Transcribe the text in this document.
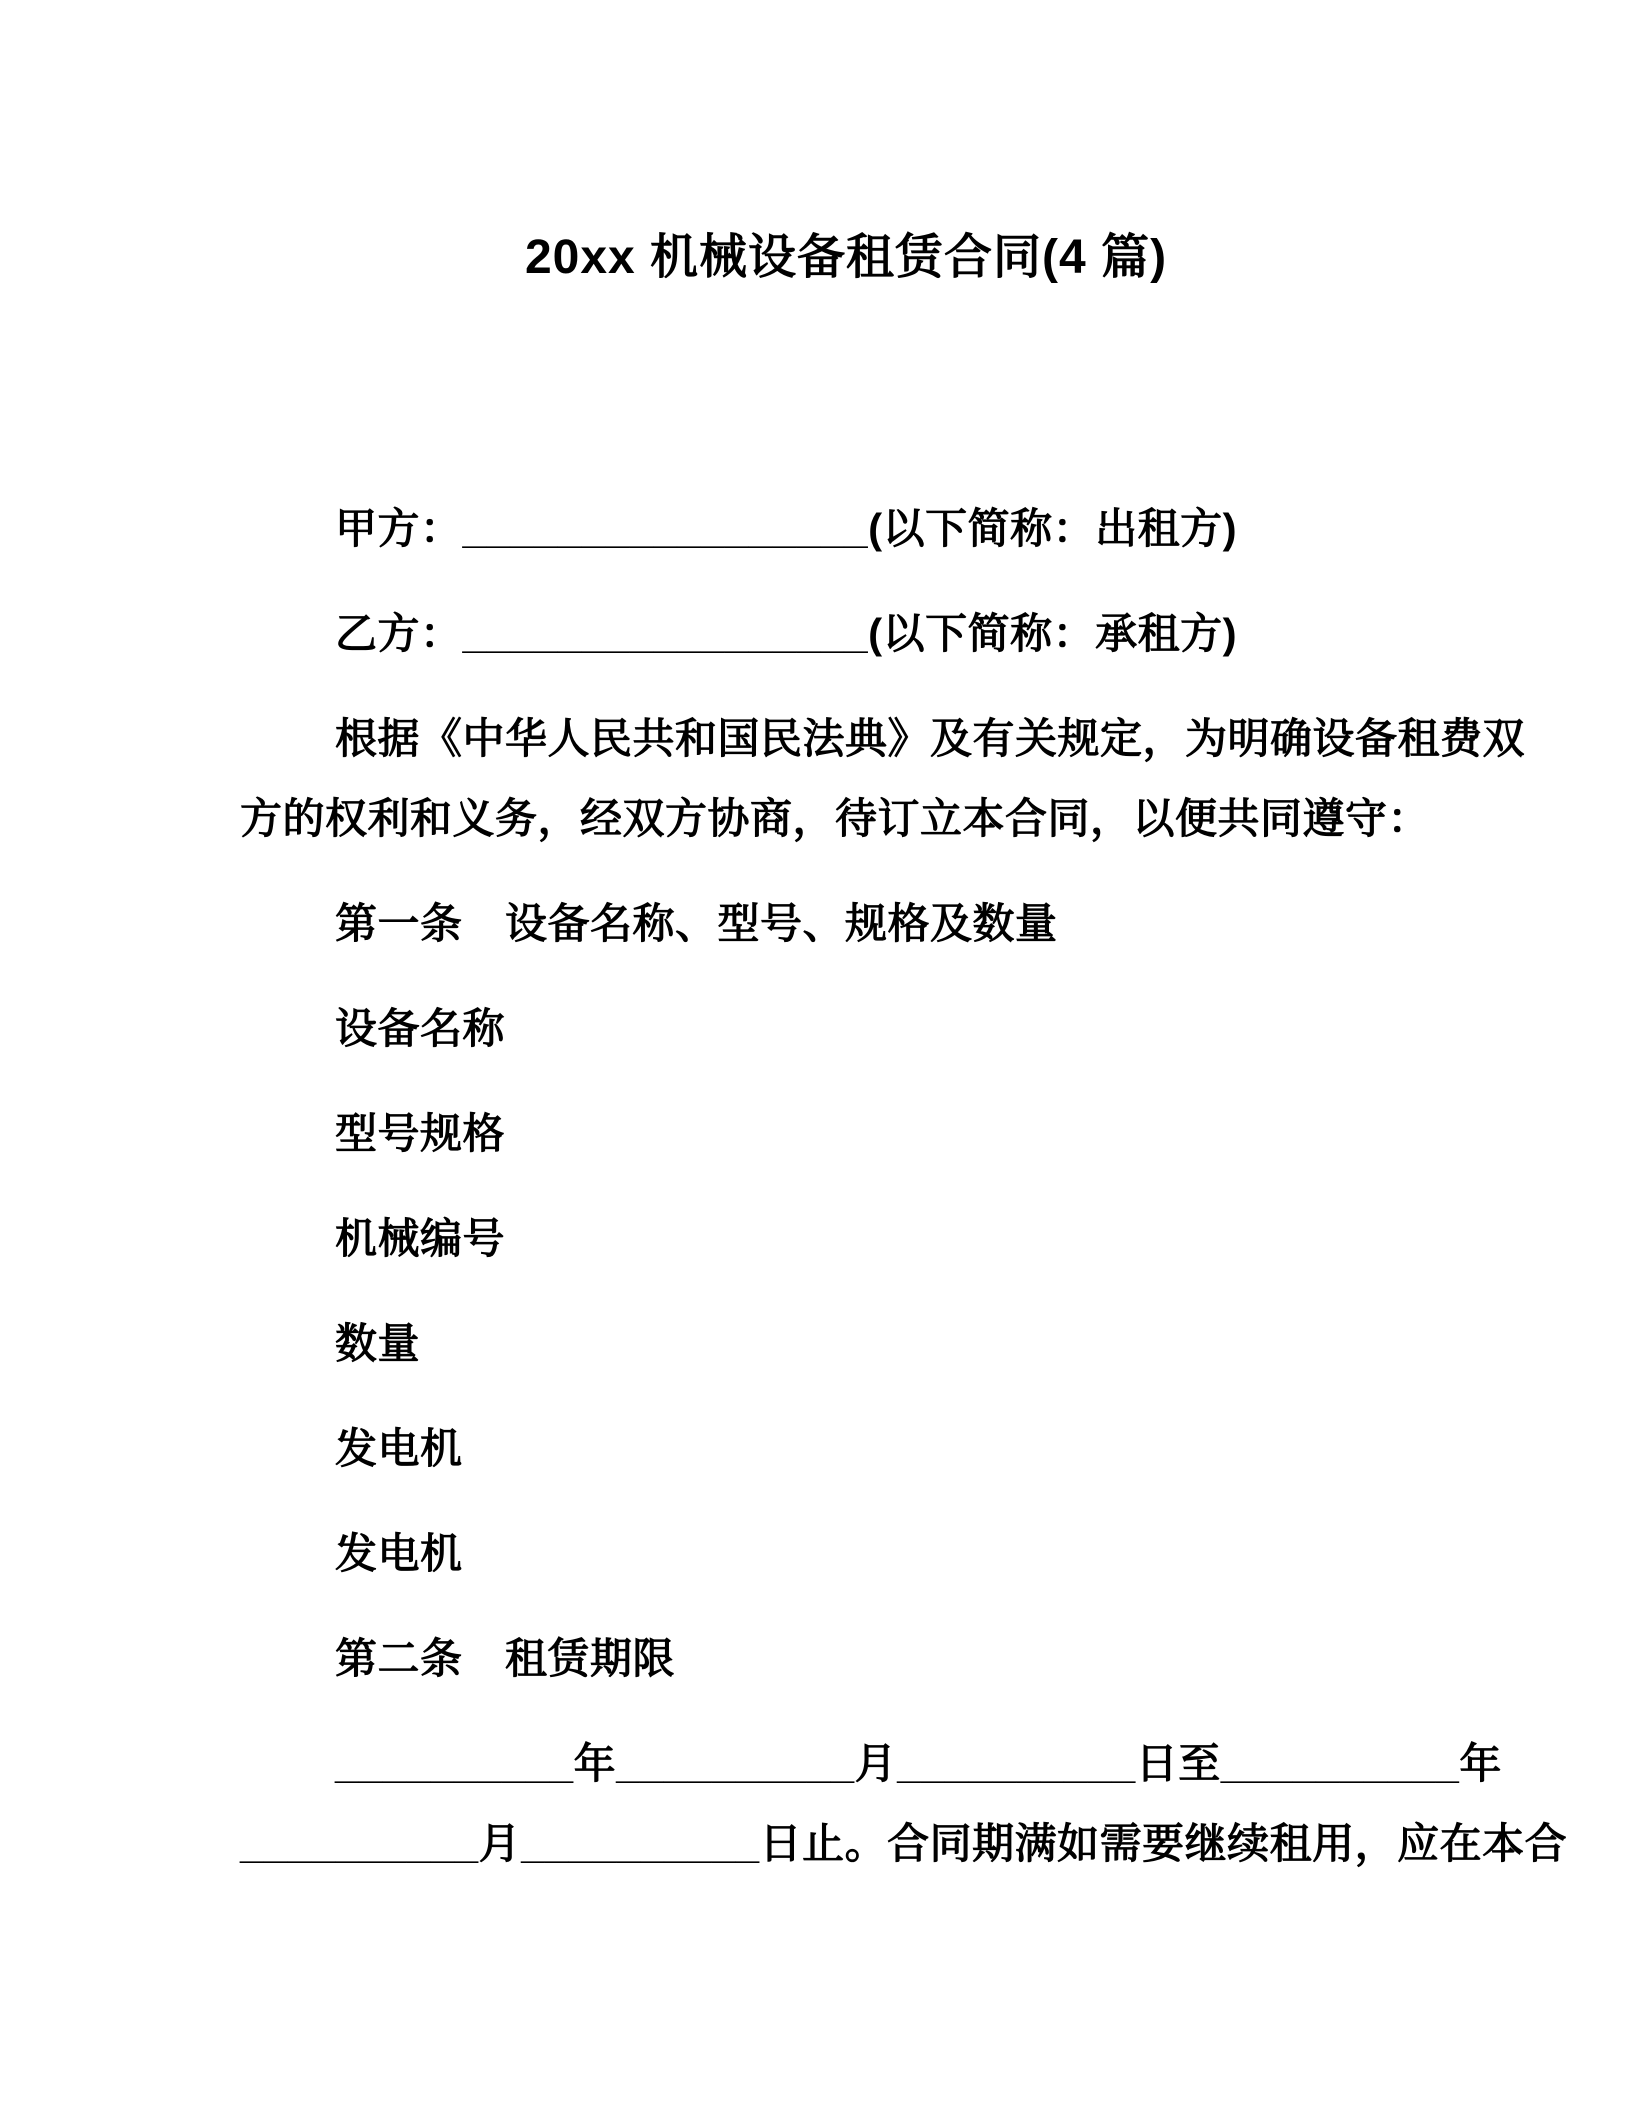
20xx 机械设备租赁合同(4 篇)
甲方：_________________(以下简称：出租方)
乙方：_________________(以下简称：承租方)
根据《中华人民共和国民法典》及有关规定，为明确设备租费双
方的权利和义务，经双方协商，待订立本合同，以便共同遵守：
第一条　设备名称、型号、规格及数量
设备名称
型号规格
机械编号
数量
发电机
发电机
第二条　租赁期限
__________年__________月__________日至__________年
__________月__________日止。合同期满如需要继续租用，应在本合
